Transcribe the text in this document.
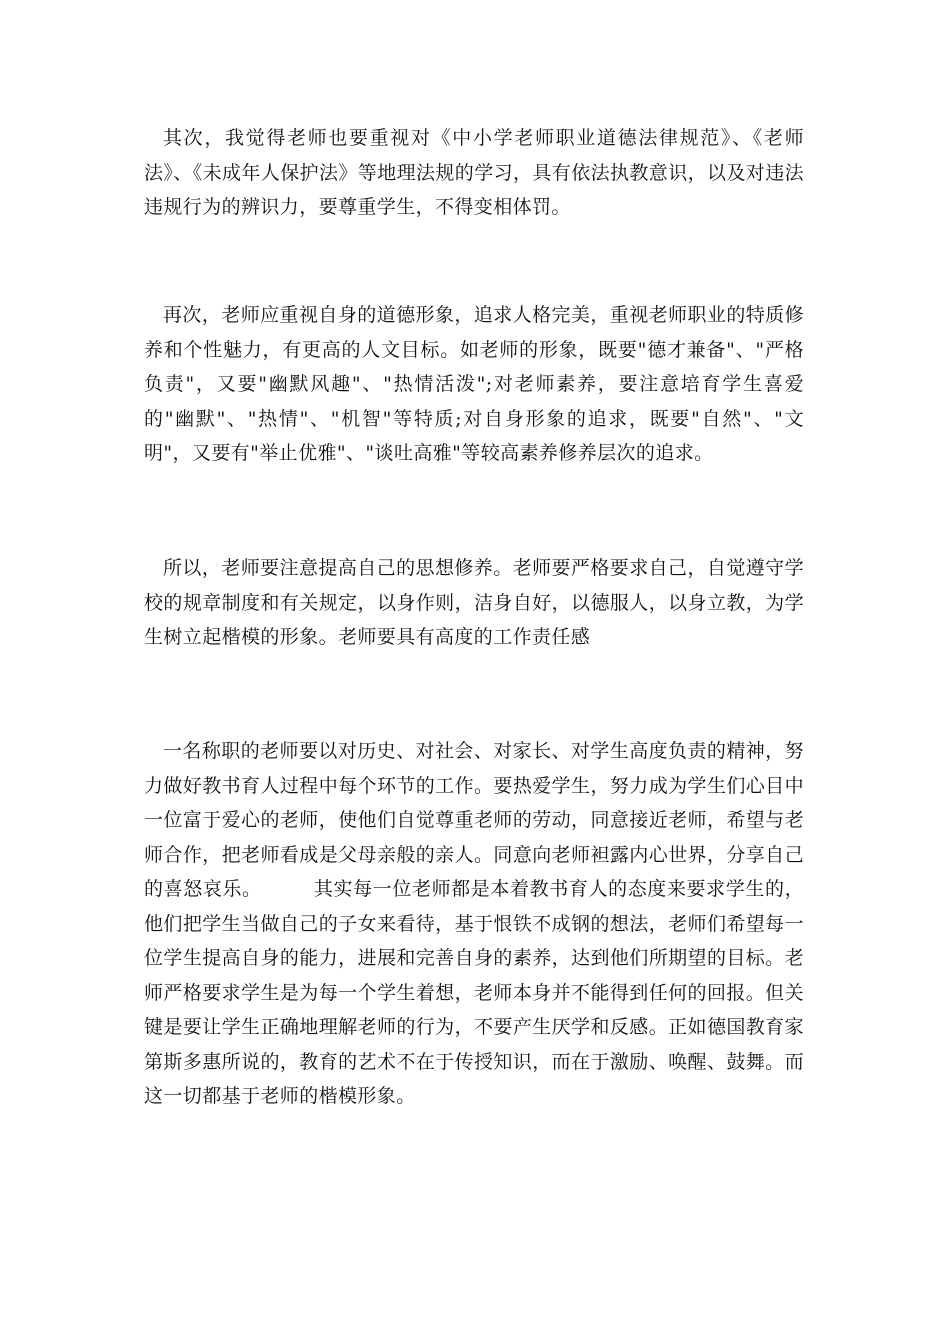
其次，我觉得老师也要重视对《中小学老师职业道德法律规范》、《老师法》、《未成年人保护法》等地理法规的学习，具有依法执教意识，以及对违法违规行为的辨识力，要尊重学生，不得变相体罚。

再次，老师应重视自身的道德形象，追求人格完美，重视老师职业的特质修养和个性魅力，有更高的人文目标。如老师的形象，既要"德才兼备"、"严格负责"，又要"幽默风趣"、"热情活泼";对老师素养，要注意培育学生喜爱的"幽默"、"热情"、"机智"等特质;对自身形象的追求，既要"自然"、"文明"，又要有"举止优雅"、"谈吐高雅"等较高素养修养层次的追求。

所以，老师要注意提高自己的思想修养。老师要严格要求自己，自觉遵守学校的规章制度和有关规定，以身作则，洁身自好，以德服人，以身立教，为学生树立起楷模的形象。老师要具有高度的工作责任感

一名称职的老师要以对历史、对社会、对家长、对学生高度负责的精神，努力做好教书育人过程中每个环节的工作。要热爱学生，努力成为学生们心目中一位富于爱心的老师，使他们自觉尊重老师的劳动，同意接近老师，希望与老师合作，把老师看成是父母亲般的亲人。同意向老师袒露内心世界，分享自己的喜怒哀乐。	其实每一位老师都是本着教书育人的态度来要求学生的，他们把学生当做自己的子女来看待，基于恨铁不成钢的想法，老师们希望每一位学生提高自身的能力，进展和完善自身的素养，达到他们所期望的目标。老师严格要求学生是为每一个学生着想，老师本身并不能得到任何的回报。但关键是要让学生正确地理解老师的行为，不要产生厌学和反感。正如德国教育家第斯多惠所说的，教育的艺术不在于传授知识，而在于激励、唤醒、鼓舞。而这一切都基于老师的楷模形象。
